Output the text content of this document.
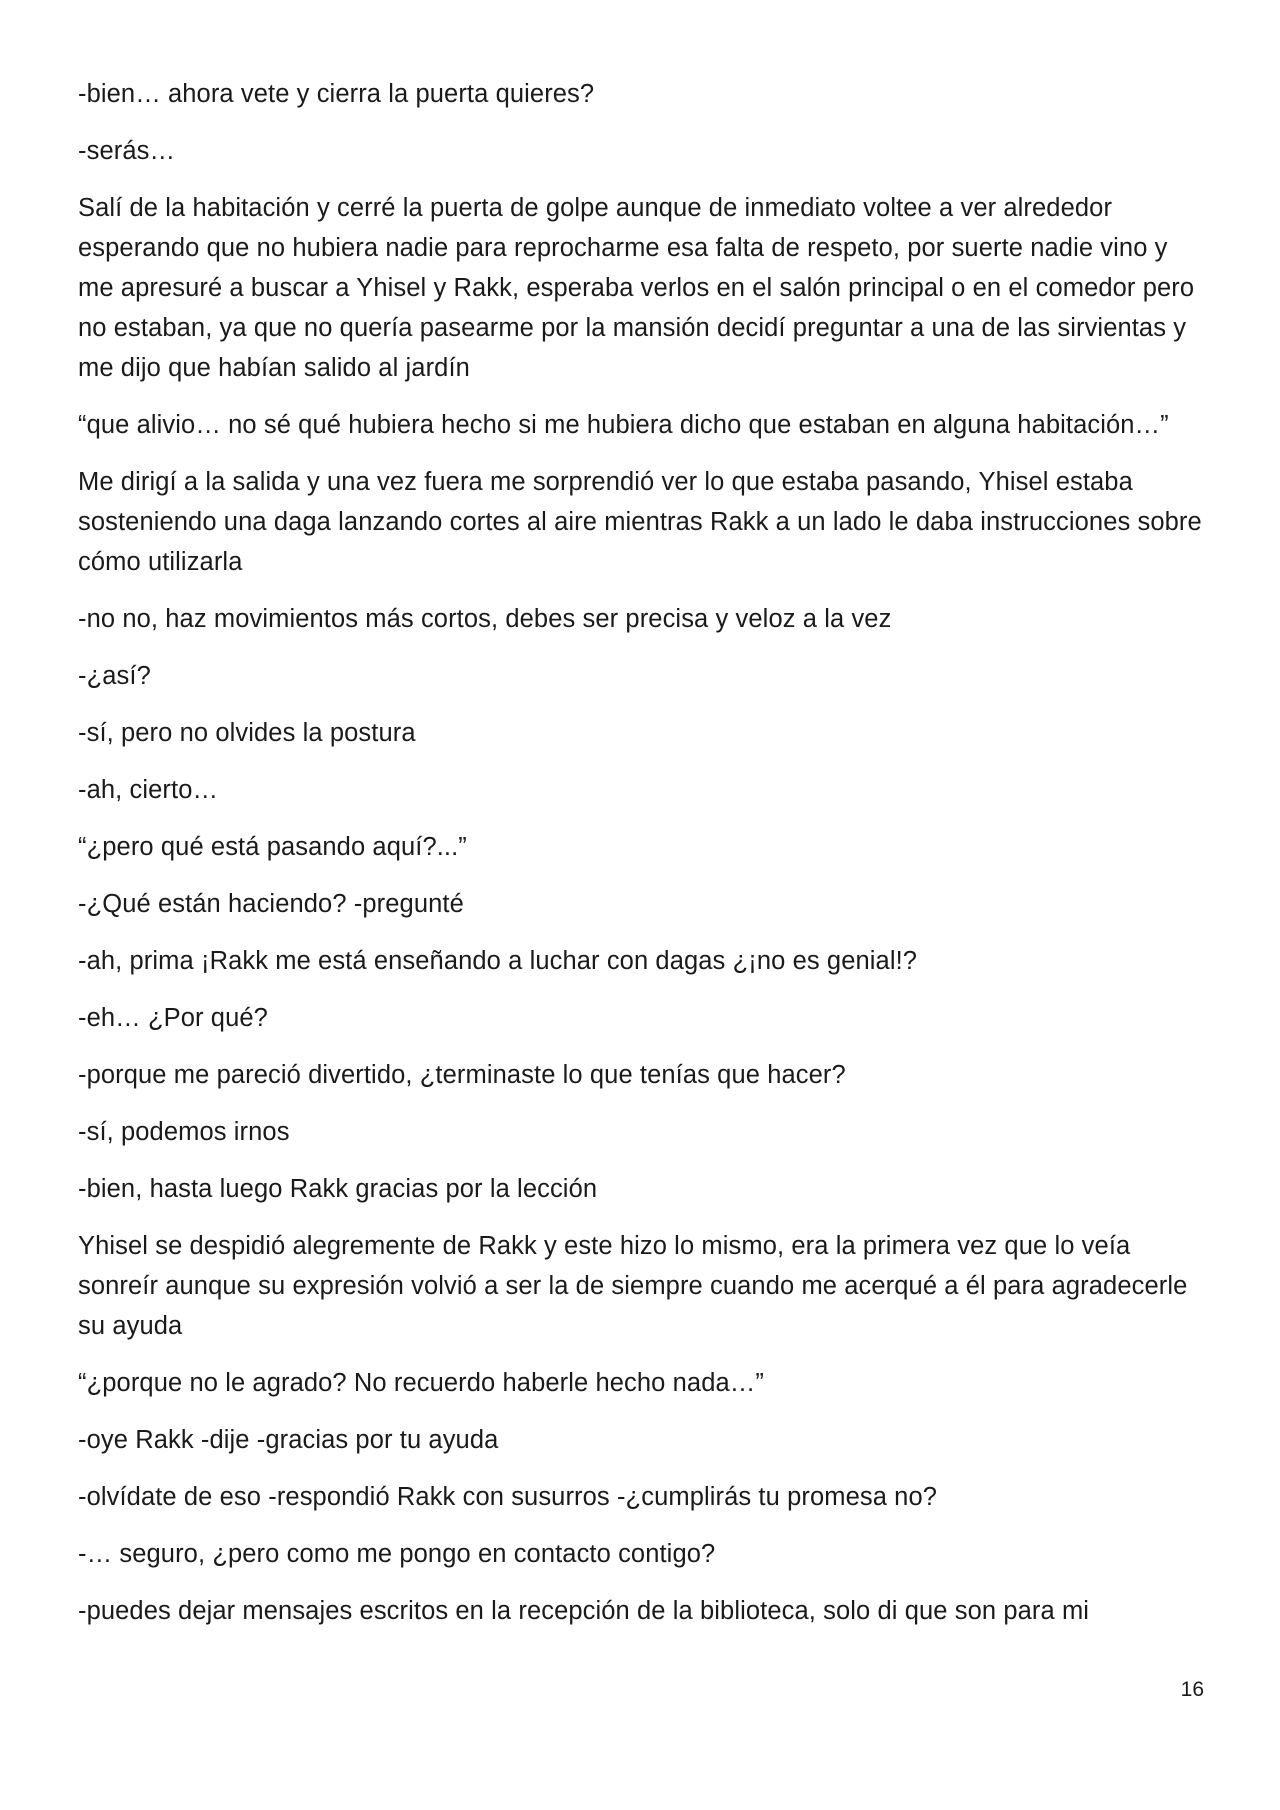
-bien… ahora vete y cierra la puerta quieres?

-serás…

Salí de la habitación y cerré la puerta de golpe aunque de inmediato voltee a ver alrededor esperando que no hubiera nadie para reprocharme esa falta de respeto, por suerte nadie vino y me apresuré a buscar a Yhisel y Rakk, esperaba verlos en el salón principal o en el comedor pero no estaban, ya que no quería pasearme por la mansión decidí preguntar a una de las sirvientas y me dijo que habían salido al jardín

“que alivio… no sé qué hubiera hecho si me hubiera dicho que estaban en alguna habitación…”

Me dirigí a la salida y una vez fuera me sorprendió ver lo que estaba pasando, Yhisel estaba sosteniendo una daga lanzando cortes al aire mientras Rakk a un lado le daba instrucciones sobre cómo utilizarla

-no no, haz movimientos más cortos, debes ser precisa y veloz a la vez

-¿así?

-sí, pero no olvides la postura

-ah, cierto…

“¿pero qué está pasando aquí?...”

-¿Qué están haciendo? -pregunté

-ah, prima ¡Rakk me está enseñando a luchar con dagas ¿¡no es genial!?

-eh… ¿Por qué?

-porque me pareció divertido, ¿terminaste lo que tenías que hacer?

-sí, podemos irnos

-bien, hasta luego Rakk gracias por la lección

Yhisel se despidió alegremente de Rakk y este hizo lo mismo, era la primera vez que lo veía sonreír aunque su expresión volvió a ser la de siempre cuando me acerqué a él para agradecerle su ayuda

“¿porque no le agrado? No recuerdo haberle hecho nada…”

-oye Rakk -dije -gracias por tu ayuda

-olvídate de eso -respondió Rakk con susurros -¿cumplirás tu promesa no?

-… seguro, ¿pero como me pongo en contacto contigo?

-puedes dejar mensajes escritos en la recepción de la biblioteca, solo di que son para mi

16
